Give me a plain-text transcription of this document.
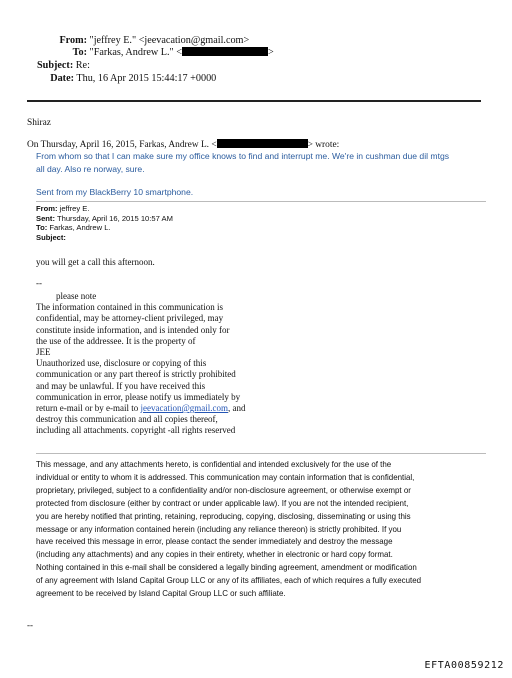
From: "jeffrey E." <jeevacation@gmail.com>
To: "Farkas, Andrew L." <	>
Subject: Re:
Date: Thu, 16 Apr 2015 15:44:17 +0000
Shiraz
On Thursday, April 16, 2015, Farkas, Andrew L. <	> wrote:
From whom so that I can make sure my office knows to find and interrupt me. We're in cushman due dil mtgs
all day. Also re norway, sure.
Sent from my BlackBerry 10 smartphone.
From: jeffrey E.
Sent: Thursday, April 16, 2015 10:57 AM
To: Farkas, Andrew L.
Subject:
you will get a call this afternoon.
--
please note
The information contained in this communication is
confidential, may be attorney-client privileged, may
constitute inside information, and is intended only for
the use of the addressee. It is the property of
JEE
Unauthorized use, disclosure or copying of this
communication or any part thereof is strictly prohibited
and may be unlawful. If you have received this
communication in error, please notify us immediately by
return e-mail or by e-mail to jeevacation@gmail.com, and
destroy this communication and all copies thereof,
including all attachments. copyright -all rights reserved
This message, and any attachments hereto, is confidential and intended exclusively for the use of the
individual or entity to whom it is addressed. This communication may contain information that is confidential,
proprietary, privileged, subject to a confidentiality and/or non-disclosure agreement, or otherwise exempt or
protected from disclosure (either by contract or under applicable law). If you are not the intended recipient,
you are hereby notified that printing, retaining, reproducing, copying, disclosing, disseminating or using this
message or any information contained herein (including any reliance thereon) is strictly prohibited. If you
have received this message in error, please contact the sender immediately and destroy the message
(including any attachments) and any copies in their entirety, whether in electronic or hard copy format.
Nothing contained in this e-mail shall be considered a legally binding agreement, amendment or modification
of any agreement with Island Capital Group LLC or any of its affiliates, each of which requires a fully executed
agreement to be received by Island Capital Group LLC or such affiliate.
--
EFTA00859212
